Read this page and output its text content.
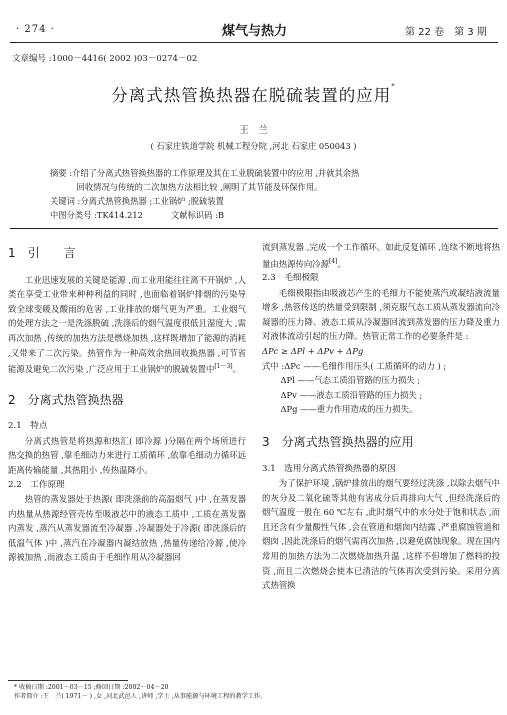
· 274 ·	煤气与热力	第 22 卷　第 3 期
文章编号 :1000－4416( 2002 )03－0274－02
分离式热管换热器在脱硫装置的应用*
王　兰
( 石家庄铁道学院 机械工程分院 ,河北 石家庄 050043 )
摘要 :介绍了分离式热管换热器的工作原理及其在工业脱硫装置中的应用 ,并就其余热
回收情况与传统的二次加热方法相比较 ,阐明了其节能及环保作用。
关键词 :分离式热管换热器 ;工业锅炉 ;脱硫装置
中图分类号 :TK414.212	文献标识码 :B

1　引　　言

工业迅速发展的关键是能源 ,而工业用能往往离不开锅炉 ,人类在享受工业带来种种利益的同时 ,也面临着锅炉排烟的污染导致全球变暖及酸雨的危害 ,工业排放的烟气更为严重。工业烟气的处理方法之一是洗涤脱硫 ,洗涤后的烟气温度很低且湿度大 ,需再次加热 ,传统的加热方法是燃烧加热 ,这样既增加了能源的消耗 ,又带来了二次污染。热管作为一种高效余热回收换热器 ,可节省能源及避免二次污染 ,广泛应用于工业锅炉的脱硫装置中[1～3]。

2　分离式热管换热器

2.1　特点

分离式热管是将热源和热汇( 即冷源 )分隔在两个场所进行热交换的热管 ,靠毛细动力来进行工质循环 ,依靠毛细动力循环远距离传输能量 ,其热阻小 ,传热温降小。

2.2　工作原理

热管的蒸发器处于热源( 即洗涤前的高温烟气 )中 ,在蒸发器内热量从热源经管壳传至吸液芯中的液态工质中 ,工质在蒸发器内蒸发 ,蒸汽从蒸发器流至冷凝器 ,冷凝器处于冷源( 即洗涤后的低温气体 )中 ,蒸汽在冷凝器内凝结放热 ,热量传递给冷源 ,使冷源被加热 ,而液态工质由于毛细作用从冷凝器回

流到蒸发器 ,完成一个工作循环。如此反复循环 ,连续不断地将热量由热源传向冷源[4]。

2.3　毛细极限

毛细极限指由吸液芯产生的毛细力不能使蒸汽或凝结液流量增多 ,热管传送的热量受到限制 ,须克服气态工质从蒸发器流向冷凝器的压力降、液态工质从冷凝器回流到蒸发器的压力降及重力对液体流动引起的压力降。热管正常工作的必要条件是 :

ΔPc ≥ ΔPl + ΔPv + ΔPg

式中 :ΔPc ——毛细作用压头( 工质循环的动力 ) ;
ΔPl ——气态工质沿管路的压力损失 ;
ΔPv ——液态工质沿管路的压力损失 ;
ΔPg ——重力作用造成的压力损失。

3　分离式热管换热器的应用

3.1　选用分离式热管换热器的原因

为了保护环境 ,锅炉排放出的烟气要经过洗涤 ,以除去烟气中的灰分及二氧化硫等其他有害成分后再排向大气 ,但经洗涤后的烟气温度一般在 60 ℃左右 ,此时烟气中的水分处于饱和状态 ,而且还含有少量酸性气体 ,会在管道和烟囱内结露 ,严重腐蚀管道和烟囱 ,因此洗涤后的烟气需再次加热 ,以避免腐蚀现象。现在国内常用的加热方法为二次燃烧加热升温 ,这样不但增加了燃料的投资 ,而且二次燃烧会使本已清洁的气体再次受到污染。采用分离式热管换

* 收稿日期 :2001－03－15 ;修回日期 :2002－04－20
作者简介 :王　兰( 1971－ ) ,女 ,河北武邑人 ,讲师 ,学士 ,从事能源与环境工程的教学工作。
